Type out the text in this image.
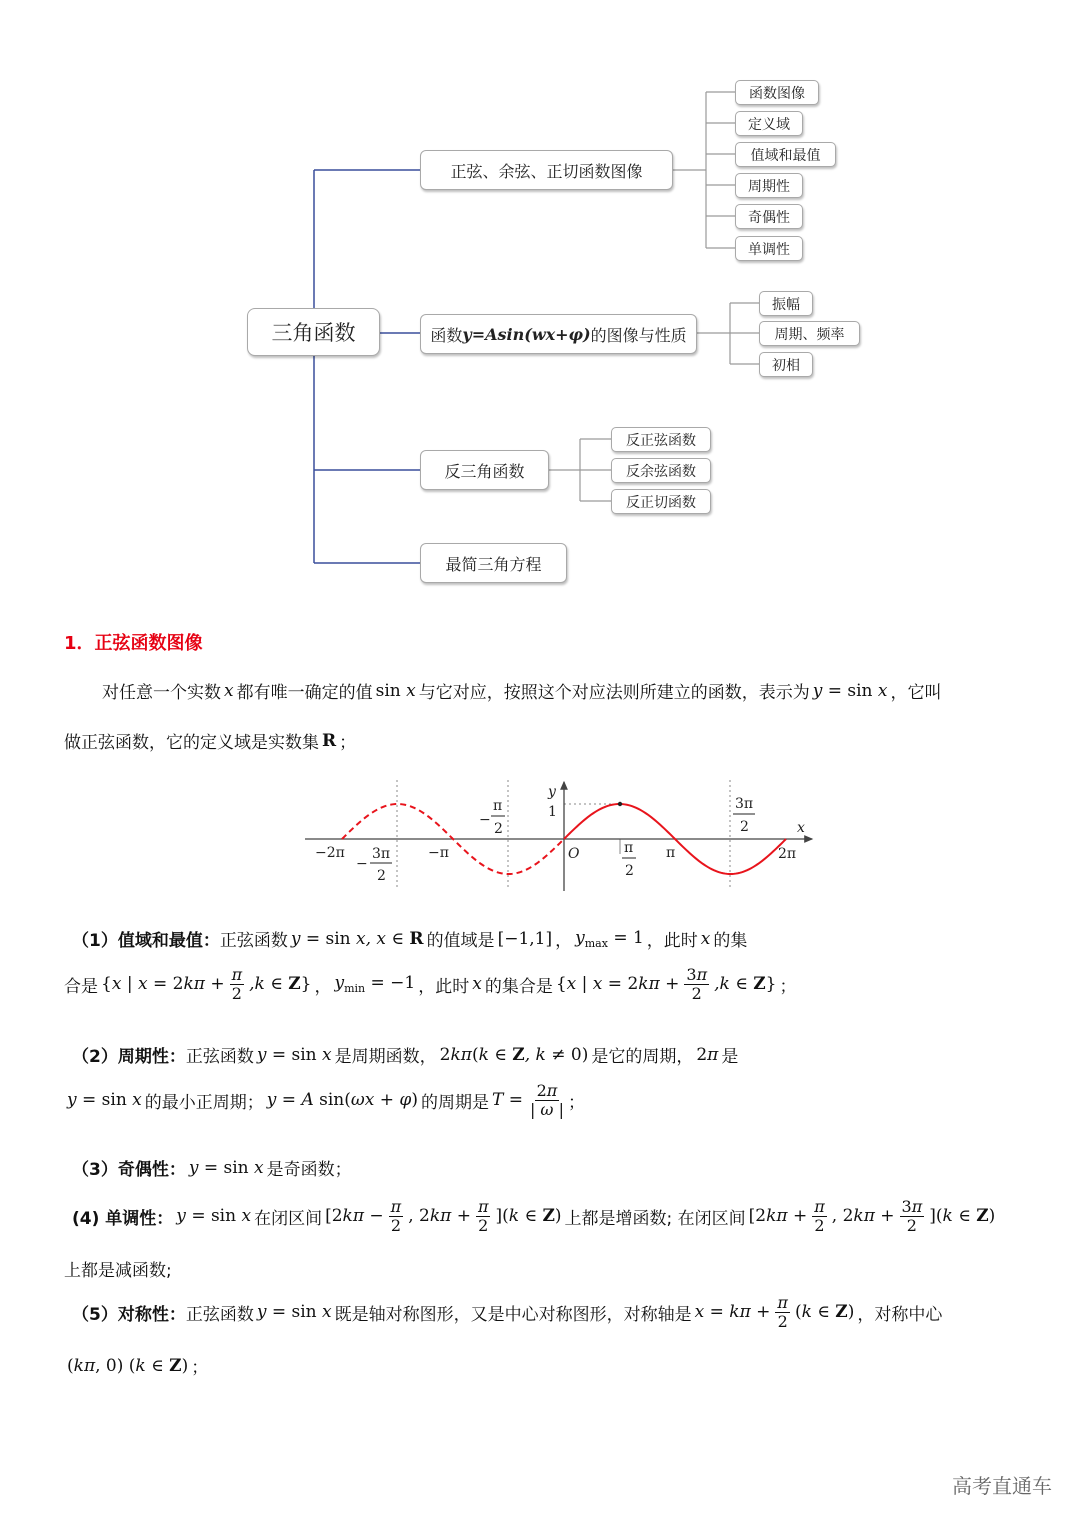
三角函数
正弦、余弦、正切函数图像
函数 y=Asin(wx+φ) 的图像与性质
反三角函数
最简三角方程
函数图像
定义域
值域和最值
周期性
奇偶性
单调性
振幅
周期、频率
初相
反正弦函数
反余弦函数
反正切函数
1．正弦函数图像
对任意一个实数 x 都有唯一确定的值 sin x 与它对应，按照这个对应法则所建立的函数，表示为 y = sin x ，它叫
做正弦函数，它的定义域是实数集 R ；
y
x
1
O
−2π
−
3π
2
−π
−
π
2
π
2
π
3π
2
2π
（1）值域和最值： 正弦函数 y = sin x, x ∈ R 的值域是 [−1,1] ， $y_{max} = 1$ ，此时 x 的集
合是 {x | $x = 2k\pi + \frac{\pi}{2} ,k$ ∈ Z} ， $y_{min} = -1$ ，此时 x 的集合是 {x | $x = 2k\pi + \frac{3\pi}{2} ,k$ ∈ Z} ；
（2）周期性： 正弦函数 y = sin x 是周期函数， 2kπ(k ∈ Z, k ≠ 0) 是它的周期， 2π 是
y = sin x 的最小正周期； y = A sin(ωx + φ) 的周期是 $T = \frac{2\pi}{| \omega |}$ ；
（3）奇偶性： y = sin x 是奇函数；
(4) 单调性： y = sin x 在闭区间 [$2k\pi - \frac{\pi}{2}$ , $2k\pi + \frac{\pi}{2} ](k$ ∈ Z) 上都是增函数; 在闭区间 [$2k\pi + \frac{\pi}{2}$ , $2k\pi + \frac{3\pi}{2} ](k$ ∈ Z)
上都是减函数;
（5）对称性： 正弦函数 y = sin x 既是轴对称图形，又是中心对称图形，对称轴是 $x = k\pi + \frac{\pi}{2} (k$ ∈ Z) ，对称中心
(kπ, 0) (k ∈ Z) ；
高考直通车
